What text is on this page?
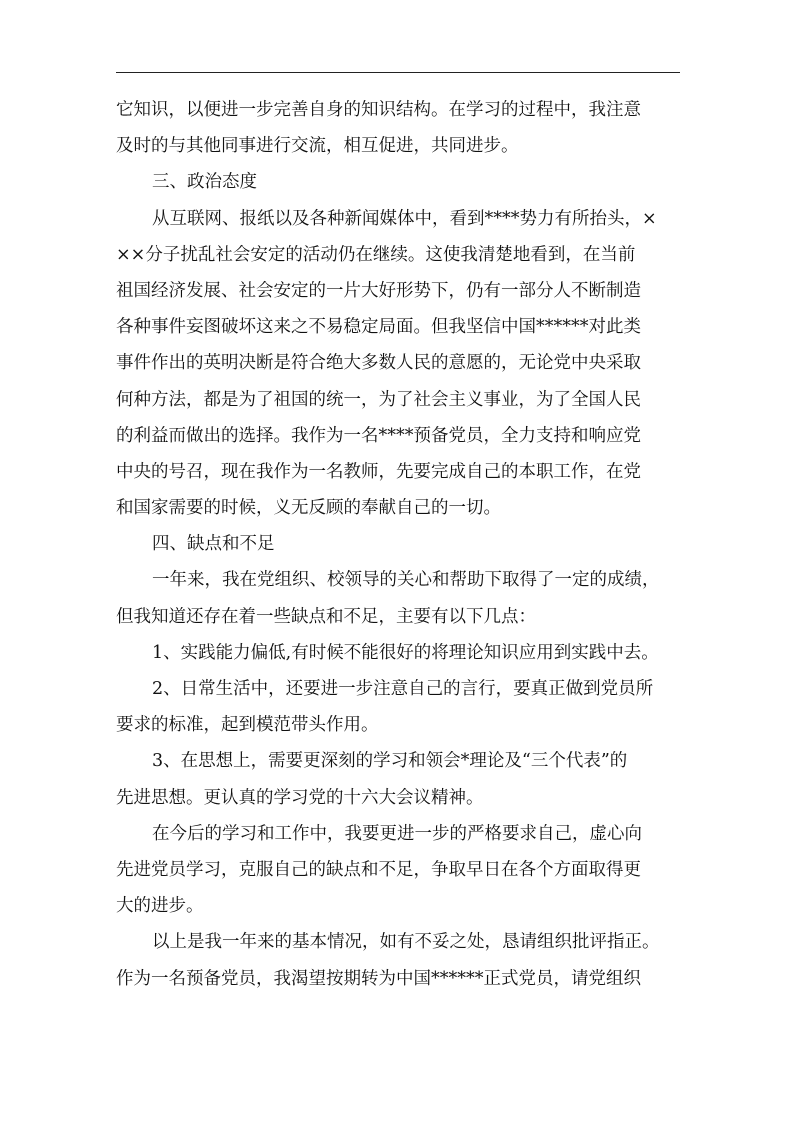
它知识，以便进一步完善自身的知识结构。在学习的过程中，我注意
及时的与其他同事进行交流，相互促进，共同进步。
三、政治态度
从互联网、报纸以及各种新闻媒体中，看到****势力有所抬头，×
××分子扰乱社会安定的活动仍在继续。这使我清楚地看到，在当前
祖国经济发展、社会安定的一片大好形势下，仍有一部分人不断制造
各种事件妄图破坏这来之不易稳定局面。但我坚信中国******对此类
事件作出的英明决断是符合绝大多数人民的意愿的，无论党中央采取
何种方法，都是为了祖国的统一，为了社会主义事业，为了全国人民
的利益而做出的选择。我作为一名****预备党员，全力支持和响应党
中央的号召，现在我作为一名教师，先要完成自己的本职工作，在党
和国家需要的时候，义无反顾的奉献自己的一切。
四、缺点和不足
一年来，我在党组织、校领导的关心和帮助下取得了一定的成绩，
但我知道还存在着一些缺点和不足，主要有以下几点：
1、实践能力偏低,有时候不能很好的将理论知识应用到实践中去。
2、日常生活中，还要进一步注意自己的言行，要真正做到党员所
要求的标准，起到模范带头作用。
3、在思想上，需要更深刻的学习和领会*理论及“三个代表”的
先进思想。更认真的学习党的十六大会议精神。
在今后的学习和工作中，我要更进一步的严格要求自己，虚心向
先进党员学习，克服自己的缺点和不足，争取早日在各个方面取得更
大的进步。
以上是我一年来的基本情况，如有不妥之处，恳请组织批评指正。
作为一名预备党员，我渴望按期转为中国******正式党员，请党组织
